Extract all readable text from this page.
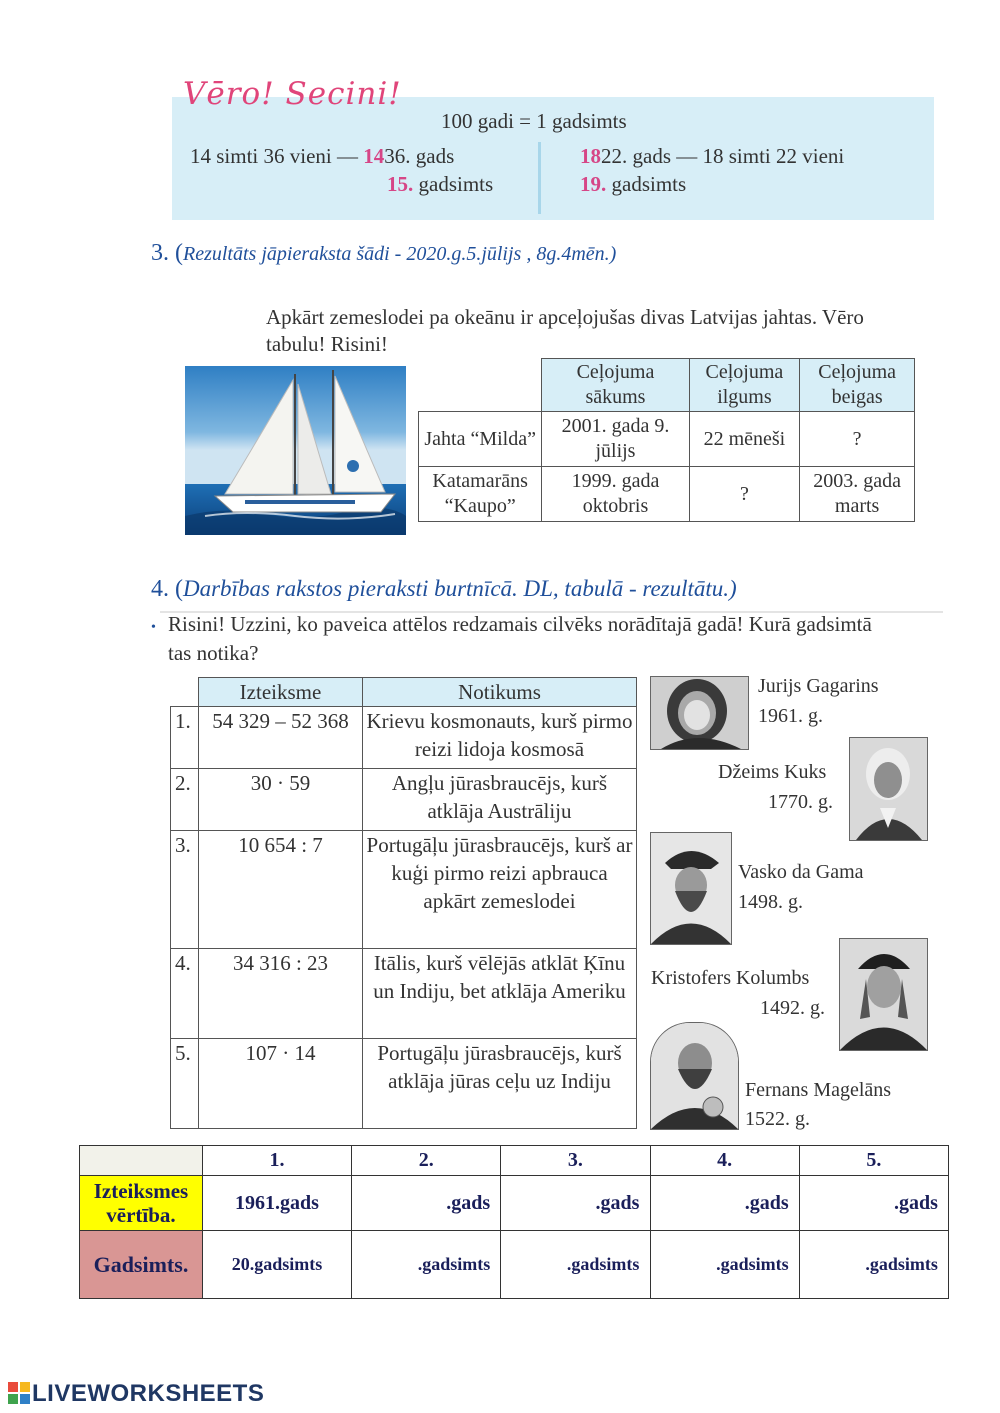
Vēro! Secini!
100 gadi = 1 gadsimts
14 simti 36 vieni — 1436. gads
15. gadsimts
1822. gads — 18 simti 22 vieni
19. gadsimts
3. (Rezultāts jāpieraksta šādi - 2020.g.5.jūlijs , 8g.4mēn.)
Apkārt zemeslodei pa okeānu ir apceļojušas divas Latvijas jahtas. Vēro tabulu! Risini!
	Ceļojuma sākums	Ceļojuma ilgums	Ceļojuma beigas
Jahta “Milda”	2001. gada 9. jūlijs	22 mēneši	?
Katamarāns “Kaupo”	1999. gada oktobris	?	2003. gada marts
4. (Darbības rakstos pieraksti burtnīcā. DL, tabulā - rezultātu.)
• Risini! Uzzini, ko paveica attēlos redzamais cilvēks norādītajā gadā! Kurā gadsimtā tas notika?
	Izteiksme	Notikums
1.	54 329 – 52 368	Krievu kosmonauts, kurš pirmo reizi lidoja kosmosā
2.	30 · 59	Angļu jūrasbraucējs, kurš atklāja Austrāliju
3.	10 654 : 7	Portugāļu jūrasbraucējs, kurš ar kuģi pirmo reizi apbrauca apkārt zemeslodei
4.	34 316 : 23	Itālis, kurš vēlējās atklāt Ķīnu un Indiju, bet atklāja Ameriku
5.	107 · 14	Portugāļu jūrasbraucējs, kurš atklāja jūras ceļu uz Indiju
Jurijs Gagarins
1961. g.
Džeims Kuks
1770. g.
Vasko da Gama
1498. g.
Kristofers Kolumbs
1492. g.
Fernans Magelāns
1522. g.
	1.	2.	3.	4.	5.
Izteiksmes vērtība.	1961.gads	.gads	.gads	.gads	.gads
Gadsimts.	20.gadsimts	.gadsimts	.gadsimts	.gadsimts	.gadsimts
LIVEWORKSHEETS
